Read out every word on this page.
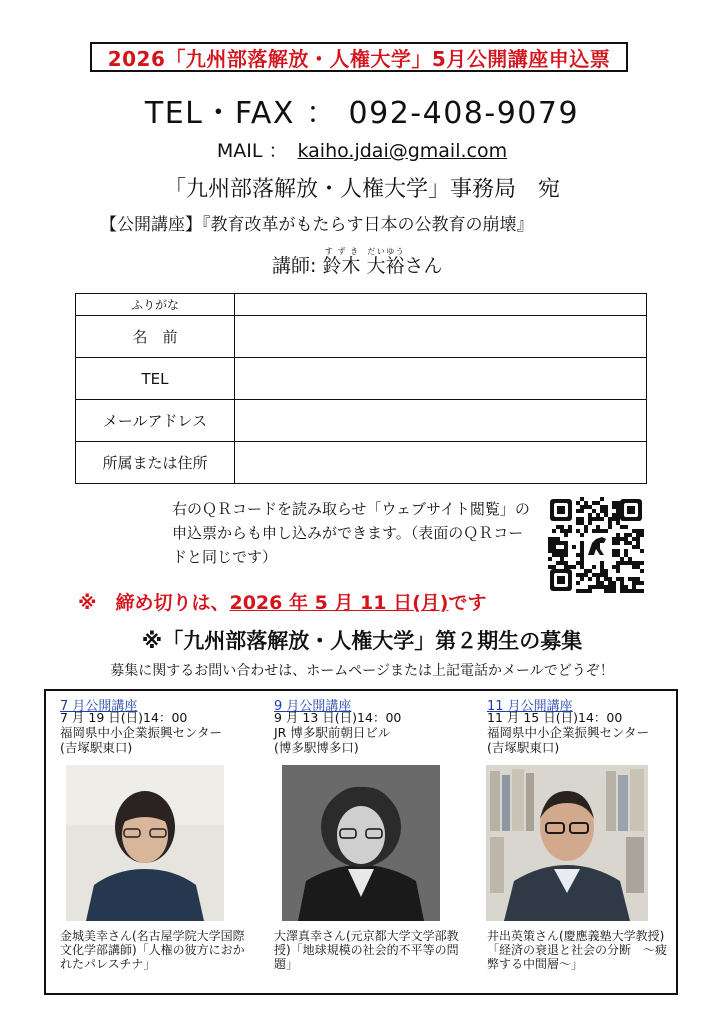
2026「九州部落解放・人権大学」5月公開講座申込票
TEL・FAX ： 092-408-9079
MAIL ： kaiho.jdai@gmail.com
「九州部落解放・人権大学」事務局　宛
【公開講座】『教育改革がもたらす日本の公教育の崩壊』
講師: 鈴木すずき 大裕だいゆうさん
ふりがな	
名　前	
TEL	
メールアドレス	
所属または住所	
右のＱＲコードを読み取らせ「ウェブサイト閲覧」の申込票からも申し込みができます。（表面のＱＲコードと同じです）
※　締め切りは、2026 年 5 月 11 日(月)です
※「九州部落解放・人権大学」第２期生の募集
募集に関するお問い合わせは、ホームページまたは上記電話かメールでどうぞ！
7 月公開講座
7 月 19 日(日)14：00
福岡県中小企業振興センター
(吉塚駅東口)
金城美幸さん(名古屋学院大学国際文化学部講師)「人権の彼方におかれたパレスチナ」
9 月公開講座
9 月 13 日(日)14：00
JR 博多駅前朝日ビル
(博多駅博多口)
大澤真幸さん(元京都大学文学部教授)「地球規模の社会的不平等の問題」
11 月公開講座
11 月 15 日(日)14：00
福岡県中小企業振興センター
(吉塚駅東口)
井出英策さん(慶應義塾大学教授)「経済の衰退と社会の分断　～疲弊する中間層～」
